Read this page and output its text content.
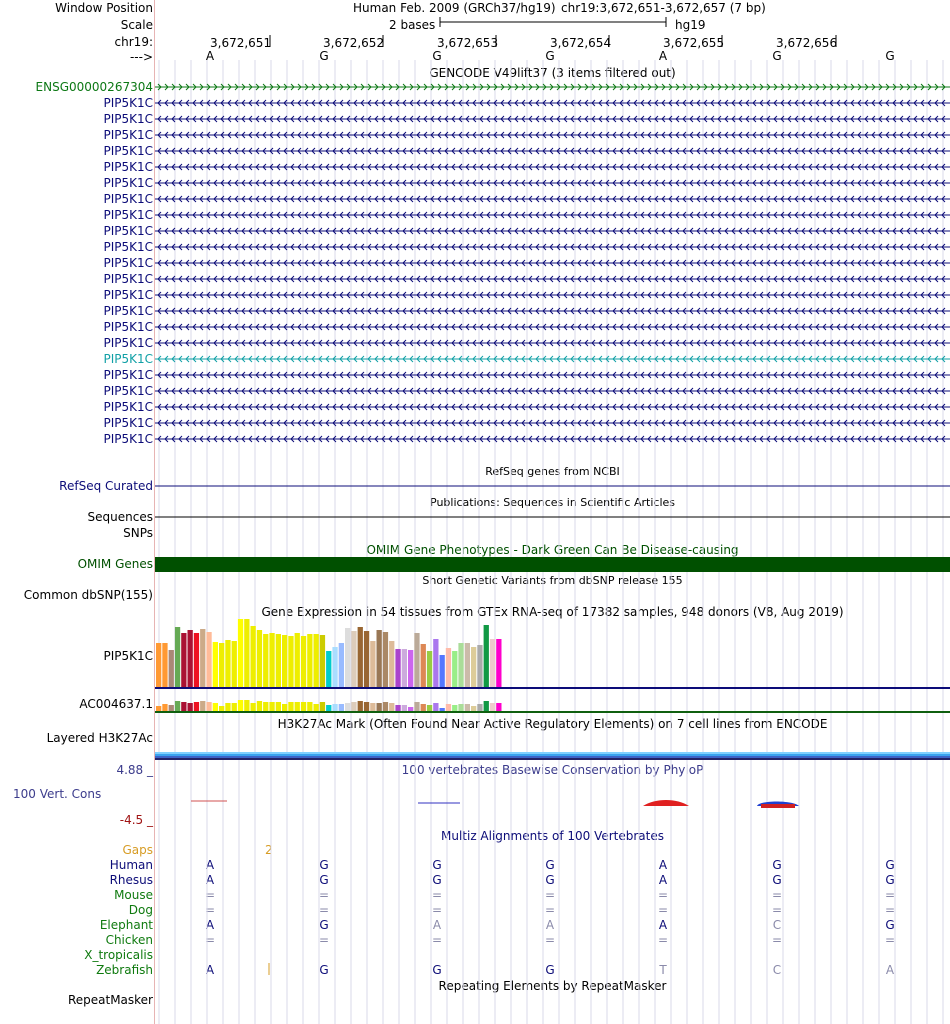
Window Position
Scale
chr19:
--->
Human Feb. 2009 (GRCh37/hg19) chr19:3,672,651-3,672,657 (7 bp)
2 bases	hg19
3,672,651	3,672,652	3,672,653	3,672,654	3,672,655	3,672,656
A	G	G	G	A	G	G
GENCODE V49lift37 (3 items filtered out)
ENSG00000267304
PIP5K1C
PIP5K1C
PIP5K1C
PIP5K1C
PIP5K1C
PIP5K1C
PIP5K1C
PIP5K1C
PIP5K1C
PIP5K1C
PIP5K1C
PIP5K1C
PIP5K1C
PIP5K1C
PIP5K1C
PIP5K1C
PIP5K1C
PIP5K1C
PIP5K1C
PIP5K1C
PIP5K1C
PIP5K1C
RefSeq genes from NCBI
RefSeq Curated
Publications: Sequences in Scientific Articles
Sequences
SNPs
OMIM Gene Phenotypes - Dark Green Can Be Disease-causing
OMIM Genes
Short Genetic Variants from dbSNP release 155
Common dbSNP(155)
Gene Expression in 54 tissues from GTEx RNA-seq of 17382 samples, 948 donors (V8, Aug 2019)
PIP5K1C
AC004637.1
H3K27Ac Mark (Often Found Near Active Regulatory Elements) on 7 cell lines from ENCODE
Layered H3K27Ac
4.88 _	100 vertebrates Basewise Conservation by PhyloP
100 Vert. Cons
-4.5 _
Multiz Alignments of 100 Vertebrates
Gaps	2
Human	A	G	G	G	A	G	G
Rhesus	A	G	G	G	A	G	G
Mouse	=	=	=	=	=	=	=
Dog	=	=	=	=	=	=	=
Elephant	A	G	A	A	A	C	G
Chicken	=	=	=	=	=	=	=
X_tropicalis
Zebrafish	A	G	G	G	T	C	A
Repeating Elements by RepeatMasker
RepeatMasker
